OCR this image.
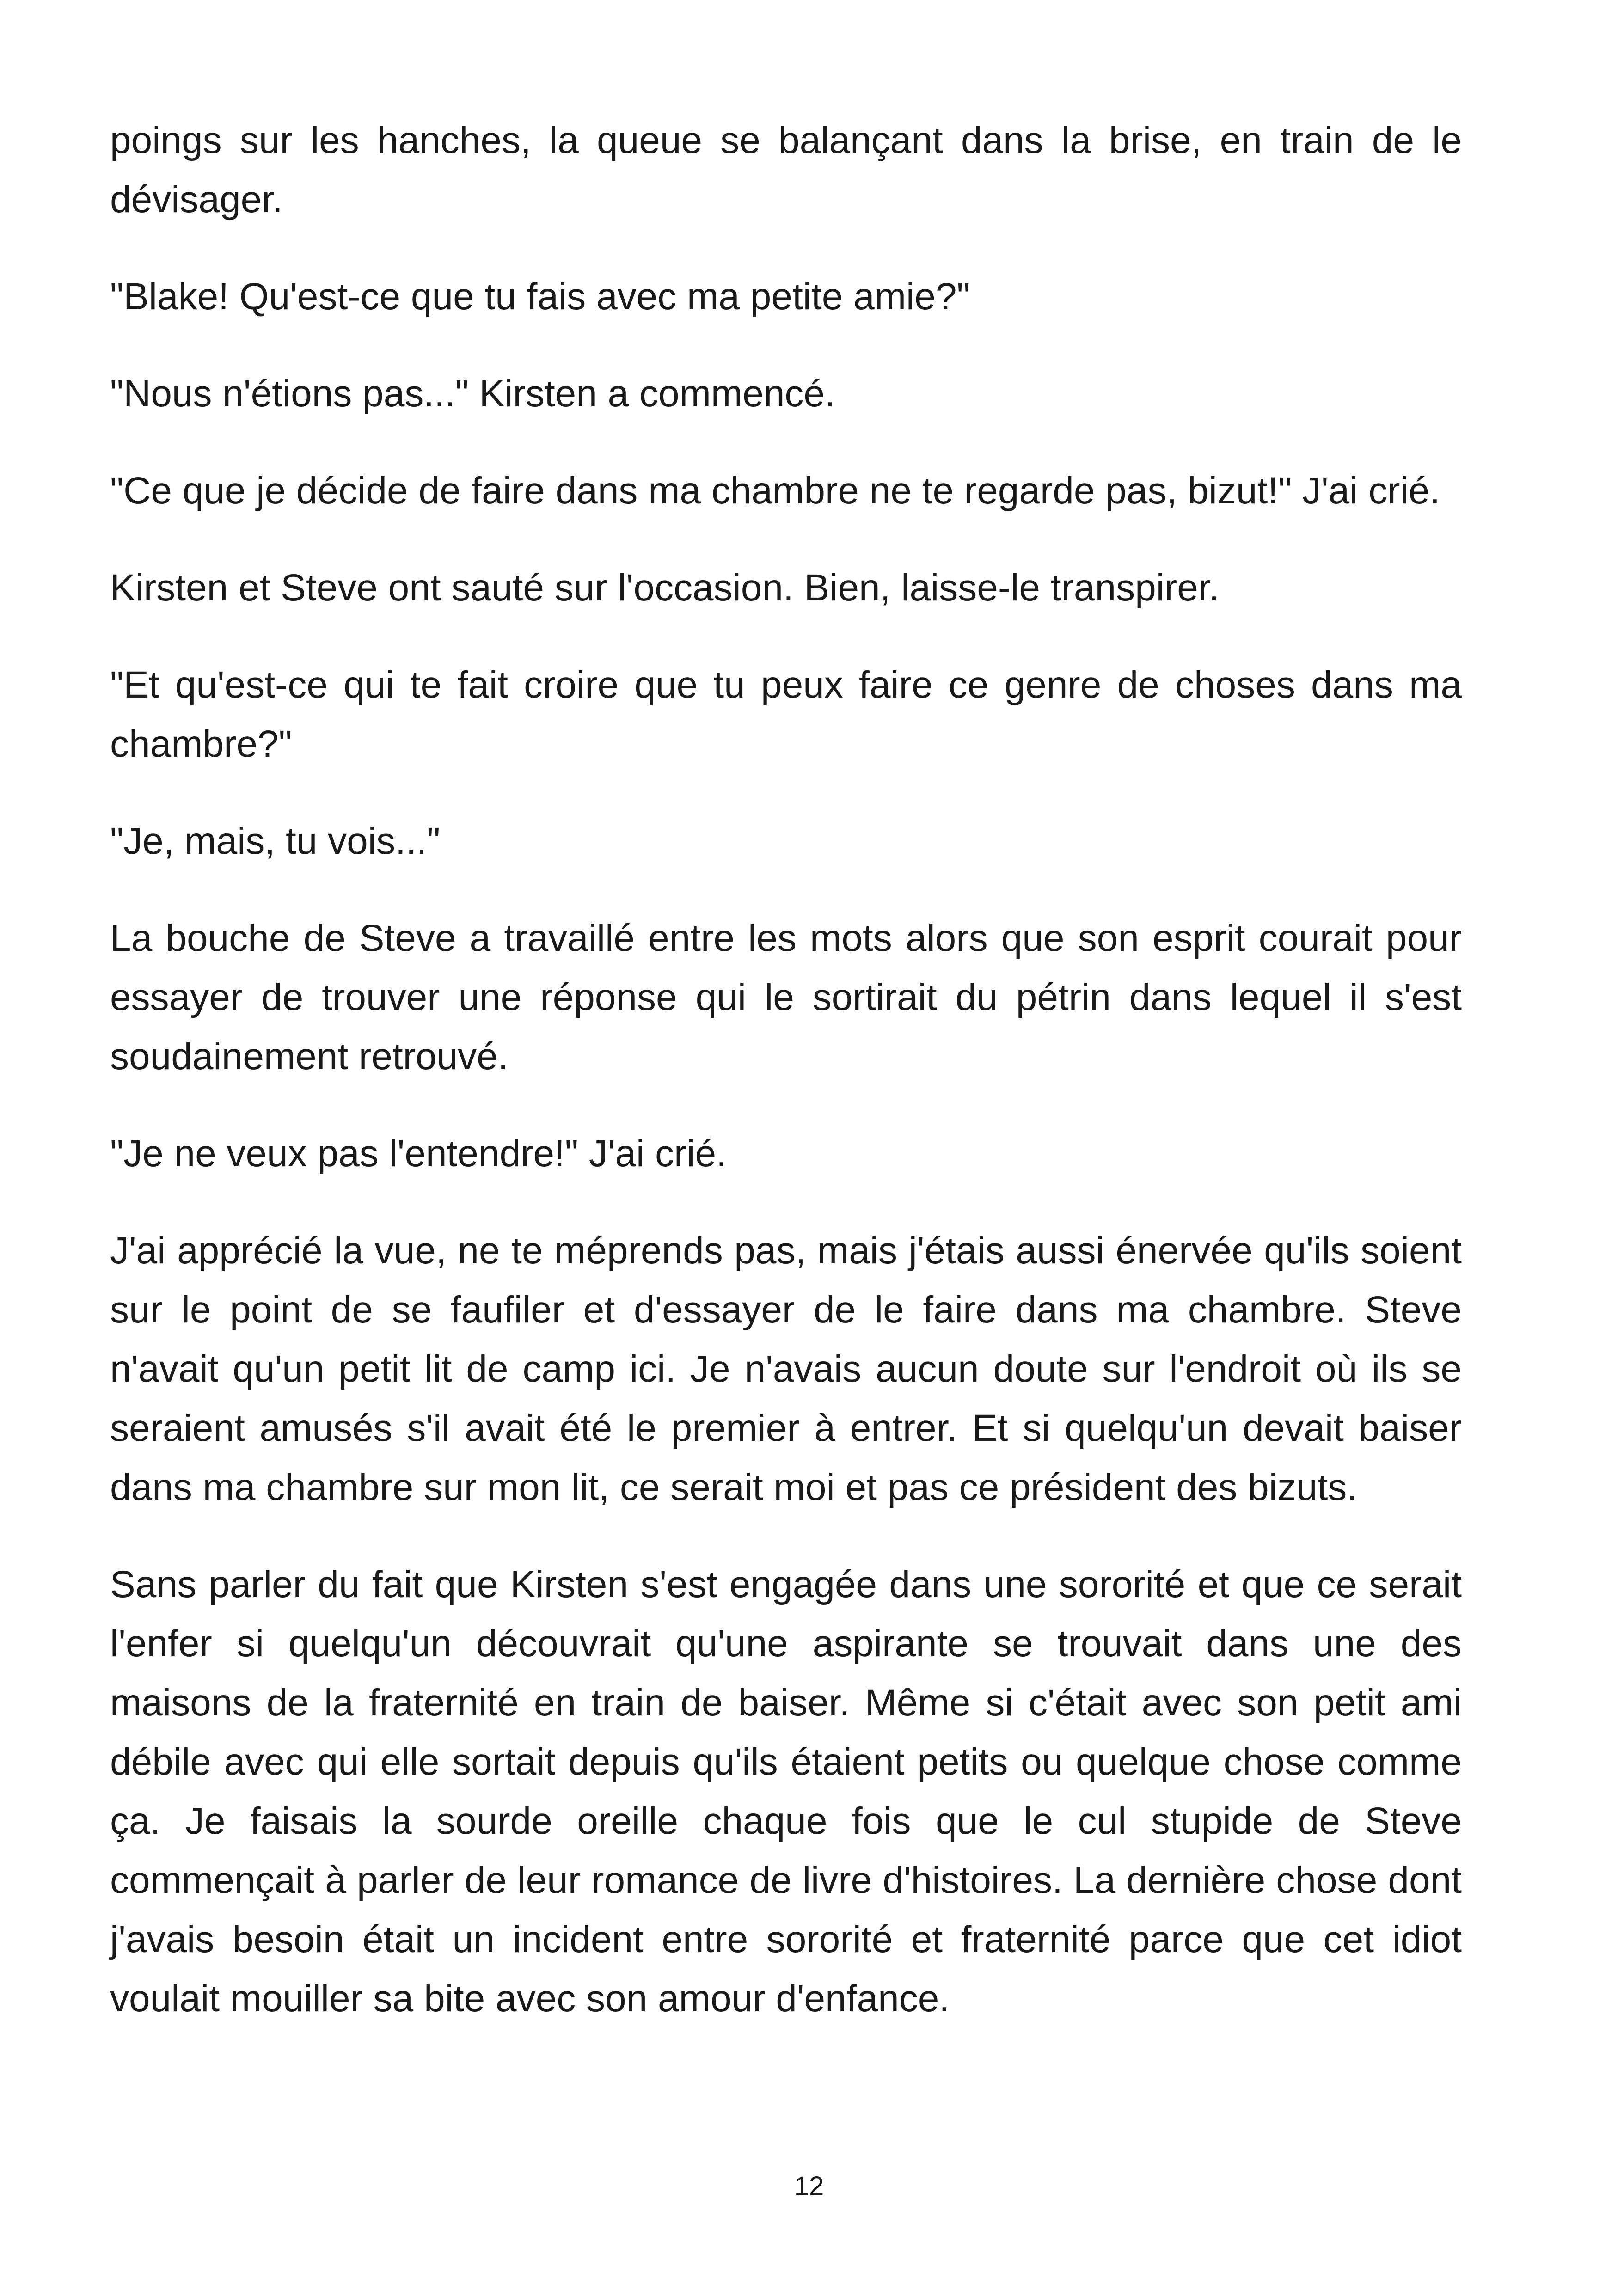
poings sur les hanches, la queue se balançant dans la brise, en train de le dévisager.

"Blake! Qu'est-ce que tu fais avec ma petite amie?"

"Nous n'étions pas..." Kirsten a commencé.

"Ce que je décide de faire dans ma chambre ne te regarde pas, bizut!" J'ai crié.

Kirsten et Steve ont sauté sur l'occasion. Bien, laisse-le transpirer.

"Et qu'est-ce qui te fait croire que tu peux faire ce genre de choses dans ma chambre?"

"Je, mais, tu vois..."

La bouche de Steve a travaillé entre les mots alors que son esprit courait pour essayer de trouver une réponse qui le sortirait du pétrin dans lequel il s'est soudainement retrouvé.

"Je ne veux pas l'entendre!" J'ai crié.

J'ai apprécié la vue, ne te méprends pas, mais j'étais aussi énervée qu'ils soient sur le point de se faufiler et d'essayer de le faire dans ma chambre. Steve n'avait qu'un petit lit de camp ici. Je n'avais aucun doute sur l'endroit où ils se seraient amusés s'il avait été le premier à entrer. Et si quelqu'un devait baiser dans ma chambre sur mon lit, ce serait moi et pas ce président des bizuts.

Sans parler du fait que Kirsten s'est engagée dans une sororité et que ce serait l'enfer si quelqu'un découvrait qu'une aspirante se trouvait dans une des maisons de la fraternité en train de baiser. Même si c'était avec son petit ami débile avec qui elle sortait depuis qu'ils étaient petits ou quelque chose comme ça. Je faisais la sourde oreille chaque fois que le cul stupide de Steve commençait à parler de leur romance de livre d'histoires. La dernière chose dont j'avais besoin était un incident entre sororité et fraternité parce que cet idiot voulait mouiller sa bite avec son amour d'enfance.

12
